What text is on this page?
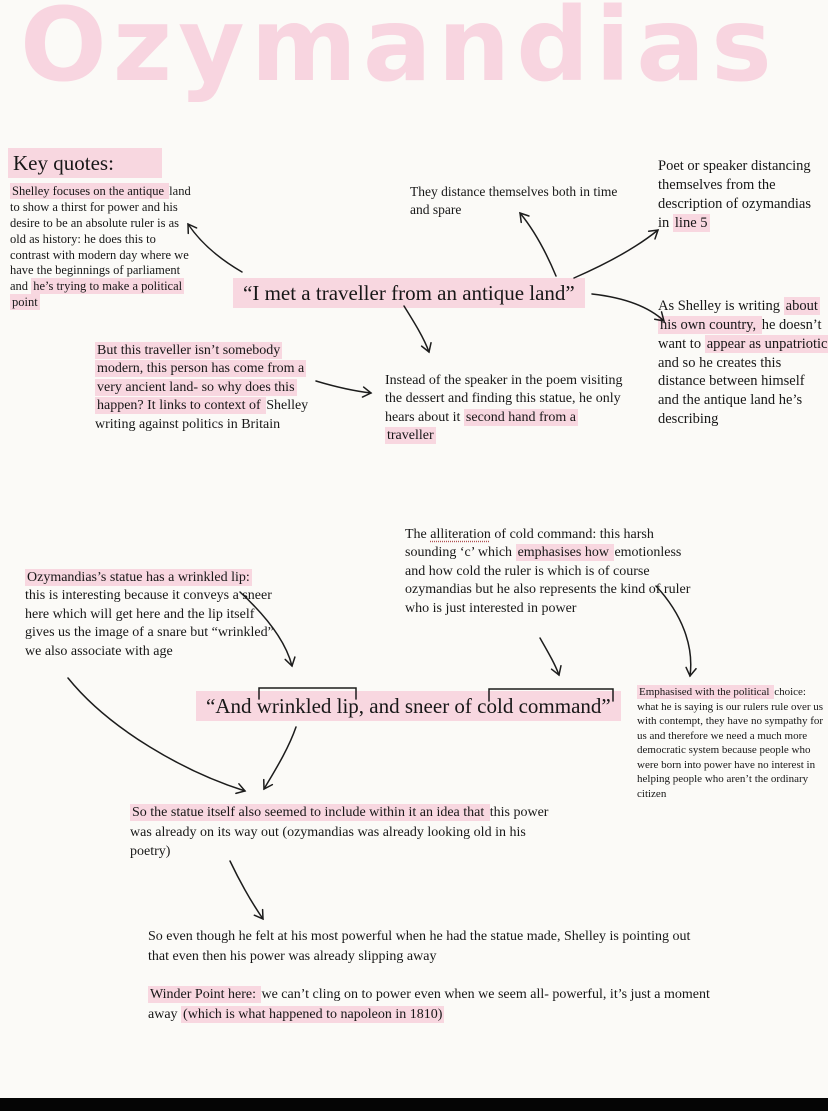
Ozymandias
Key quotes:

Shelley focuses on the antique land to show a thirst for power and his desire to be an absolute ruler is as old as history: he does this to contrast with modern day where we have the beginnings of parliament and he’s trying to make a political point

They distance themselves both in time and spare

Poet or speaker distancing themselves from the description of ozymandias in line 5

“I met a traveller from an antique land”

As Shelley is writing about his own country, he doesn’t want to appear as unpatriotic and so he creates this distance between himself and the antique land he’s describing

But this traveller isn’t somebody modern, this person has come from a very ancient land- so why does this happen? It links to context of Shelley writing against politics in Britain

Instead of the speaker in the poem visiting the dessert and finding this statue, he only hears about it second hand from a traveller

The alliteration of cold command: this harsh sounding ‘c’ which emphasises how emotionless and how cold the ruler is which is of course ozymandias but he also represents the kind of ruler who is just interested in power

Ozymandias’s statue has a wrinkled lip: this is interesting because it conveys a sneer here which will get here and the lip itself gives us the image of a snare but “wrinkled” we also associate with age

“And wrinkled lip, and sneer of cold command”

Emphasised with the political choice: what he is saying is our rulers rule over us with contempt, they have no sympathy for us and therefore we need a much more democratic system because people who were born into power have no interest in helping people who aren’t the ordinary citizen

So the statue itself also seemed to include within it an idea that this power was already on its way out (ozymandias was already looking old in his poetry)

So even though he felt at his most powerful when he had the statue made, Shelley is pointing out that even then his power was already slipping away

Winder Point here: we can’t cling on to power even when we seem all- powerful, it’s just a moment away (which is what happened to napoleon in 1810)
